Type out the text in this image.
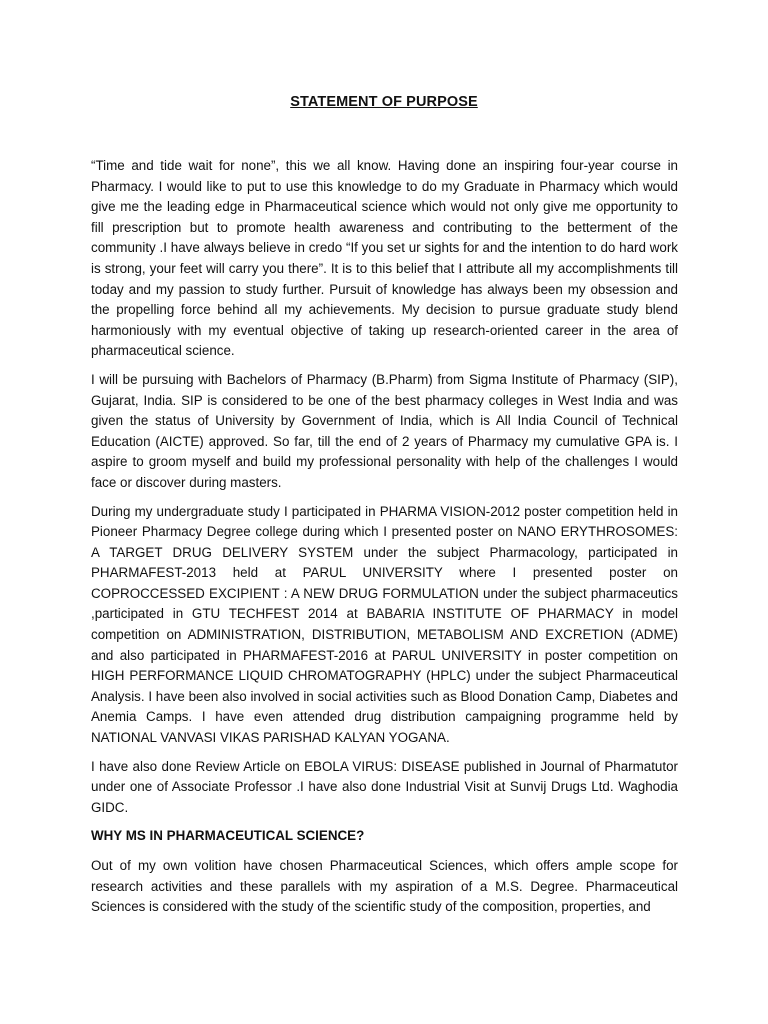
STATEMENT OF PURPOSE

“Time and tide wait for none”, this we all know. Having done an inspiring four-year course in Pharmacy. I would like to put to use this knowledge to do my Graduate in Pharmacy which would give me the leading edge in Pharmaceutical science which would not only give me opportunity to fill prescription but to promote health awareness and contributing to the betterment of the community .I have always believe in credo “If you set ur sights for and the intention to do hard work is strong, your feet will carry you there”. It is to this belief that I attribute all my accomplishments till today and my passion to study further. Pursuit of knowledge has always been my obsession and the propelling force behind all my achievements. My decision to pursue graduate study blend harmoniously with my eventual objective of taking up research-oriented career in the area of pharmaceutical science.

I will be pursuing with Bachelors of Pharmacy (B.Pharm) from Sigma Institute of Pharmacy (SIP), Gujarat, India. SIP is considered to be one of the best pharmacy colleges in West India and was given the status of University by Government of India, which is All India Council of Technical Education (AICTE) approved. So far, till the end of 2 years of Pharmacy my cumulative GPA is. I aspire to groom myself and build my professional personality with help of the challenges I would face or discover during masters.

During my undergraduate study I participated in PHARMA VISION-2012 poster competition held in Pioneer Pharmacy Degree college during which I presented poster on NANO ERYTHROSOMES: A TARGET DRUG DELIVERY SYSTEM under the subject Pharmacology, participated in PHARMAFEST-2013 held at PARUL UNIVERSITY where I presented poster on COPROCCESSED EXCIPIENT : A NEW DRUG FORMULATION under the subject pharmaceutics ,participated in GTU TECHFEST 2014 at BABARIA INSTITUTE OF PHARMACY in model competition on ADMINISTRATION, DISTRIBUTION, METABOLISM AND EXCRETION (ADME) and also participated in PHARMAFEST-2016 at PARUL UNIVERSITY in poster competition on HIGH PERFORMANCE LIQUID CHROMATOGRAPHY (HPLC) under the subject Pharmaceutical Analysis. I have been also involved in social activities such as Blood Donation Camp, Diabetes and Anemia Camps. I have even attended drug distribution campaigning programme held by NATIONAL VANVASI VIKAS PARISHAD KALYAN YOGANA.

I have also done Review Article on EBOLA VIRUS: DISEASE published in Journal of Pharmatutor under one of Associate Professor .I have also done Industrial Visit at Sunvij Drugs Ltd. Waghodia GIDC.

WHY MS IN PHARMACEUTICAL SCIENCE?

Out of my own volition have chosen Pharmaceutical Sciences, which offers ample scope for research activities and these parallels with my aspiration of a M.S. Degree. Pharmaceutical Sciences is considered with the study of the scientific study of the composition, properties, and
